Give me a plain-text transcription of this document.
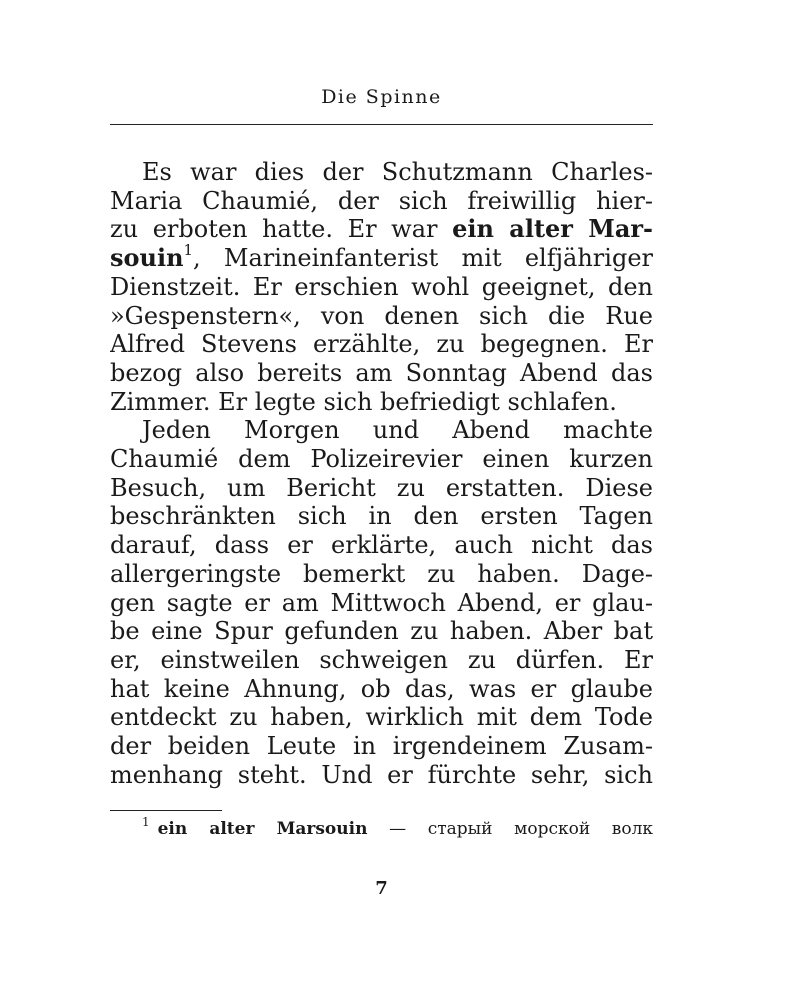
Die Spinne
Es war dies der Schutzmann Charles-
Maria Chaumié, der sich freiwillig hier-
zu erboten hatte. Er war ein alter Mar-
souin$^1$, Marineinfanterist mit elfjähriger
Dienstzeit. Er erschien wohl geeignet, den
»Gespenstern«, von denen sich die Rue
Alfred Stevens erzählte, zu begegnen. Er
bezog also bereits am Sonntag Abend das
Zimmer. Er legte sich befriedigt schlafen.
Jeden Morgen und Abend machte
Chaumié dem Polizeirevier einen kurzen
Besuch, um Bericht zu erstatten. Diese
beschränkten sich in den ersten Tagen
darauf, dass er erklärte, auch nicht das
allergeringste bemerkt zu haben. Dage-
gen sagte er am Mittwoch Abend, er glau-
be eine Spur gefunden zu haben. Aber bat
er, einstweilen schweigen zu dürfen. Er
hat keine Ahnung, ob das, was er glaube
entdeckt zu haben, wirklich mit dem Tode
der beiden Leute in irgendeinem Zusam-
menhang steht. Und er fürchte sehr, sich
$^1$ ein alter Marsouin — старый морской волк
7
